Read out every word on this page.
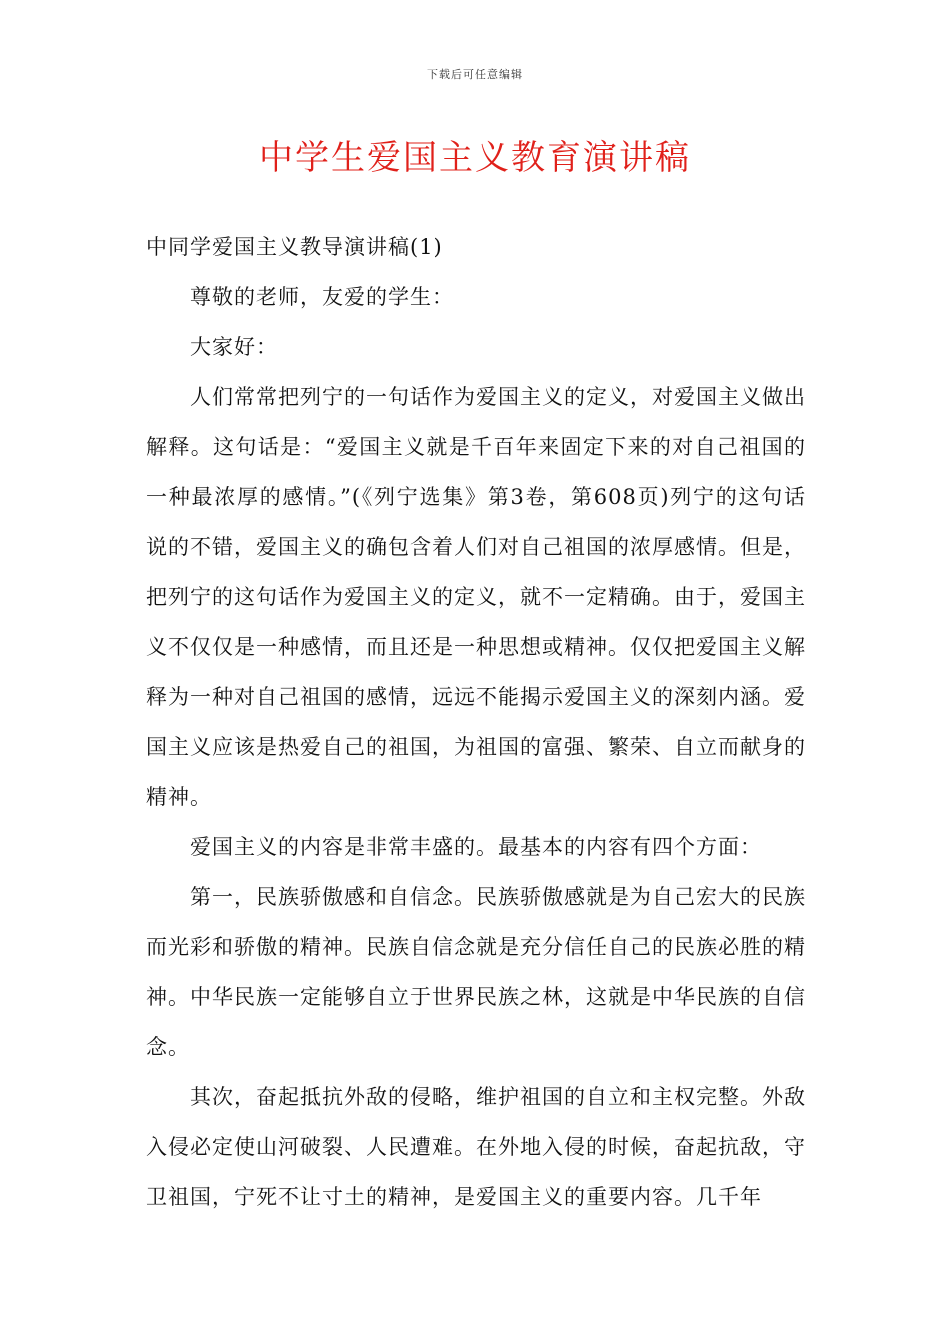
下载后可任意编辑
中学生爱国主义教育演讲稿

中同学爱国主义教导演讲稿(1)

尊敬的老师，友爱的学生：

大家好：

人们常常把列宁的一句话作为爱国主义的定义，对爱国主义做出解释。这句话是：“爱国主义就是千百年来固定下来的对自己祖国的一种最浓厚的感情。”(《列宁选集》第3卷，第608页)列宁的这句话说的不错，爱国主义的确包含着人们对自己祖国的浓厚感情。但是，把列宁的这句话作为爱国主义的定义，就不一定精确。由于，爱国主义不仅仅是一种感情，而且还是一种思想或精神。仅仅把爱国主义解释为一种对自己祖国的感情，远远不能揭示爱国主义的深刻内涵。爱国主义应该是热爱自己的祖国，为祖国的富强、繁荣、自立而献身的精神。

爱国主义的内容是非常丰盛的。最基本的内容有四个方面：

第一，民族骄傲感和自信念。民族骄傲感就是为自己宏大的民族而光彩和骄傲的精神。民族自信念就是充分信任自己的民族必胜的精神。中华民族一定能够自立于世界民族之林，这就是中华民族的自信念。

其次，奋起抵抗外敌的侵略，维护祖国的自立和主权完整。外敌入侵必定使山河破裂、人民遭难。在外地入侵的时候，奋起抗敌，守卫祖国，宁死不让寸土的精神，是爱国主义的重要内容。几千年
